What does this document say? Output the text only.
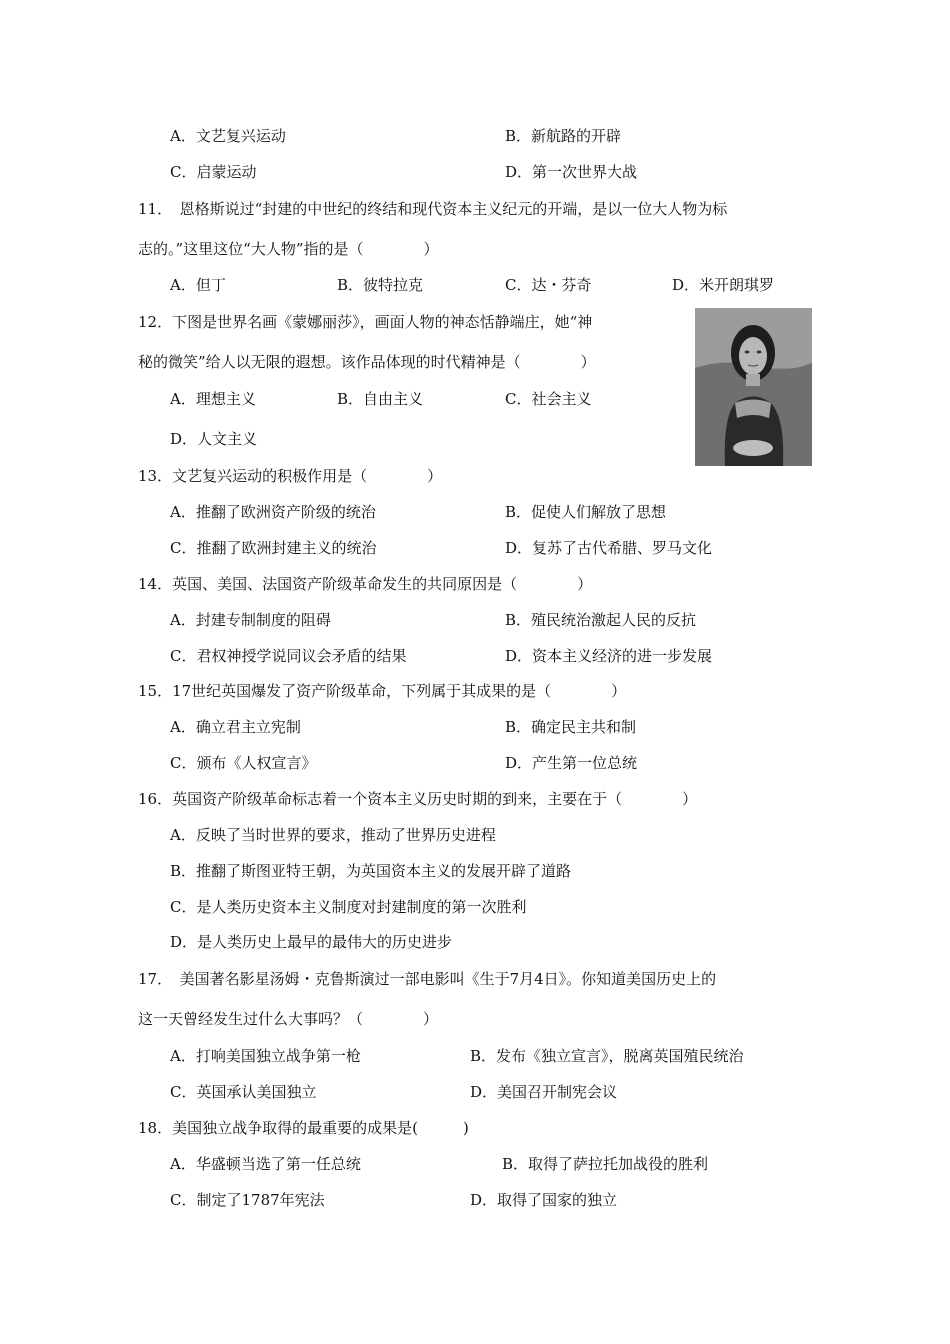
A．文艺复兴运动	B．新航路的开辟
C．启蒙运动	D．第一次世界大战
11．　恩格斯说过“封建的中世纪的终结和现代资本主义纪元的开端，是以一位大人物为标
志的。”这里这位“大人物”指的是（　　　　）
A．但丁	B．彼特拉克	C．达・芬奇	D．米开朗琪罗
12．下图是世界名画《蒙娜丽莎》，画面人物的神态恬静端庄，她“神
秘的微笑”给人以无限的遐想。该作品体现的时代精神是（　　　　）
A．理想主义	B．自由主义	C．社会主义
D．人文主义
13．文艺复兴运动的积极作用是（　　　　）
A．推翻了欧洲资产阶级的统治	B．促使人们解放了思想
C．推翻了欧洲封建主义的统治	D．复苏了古代希腊、罗马文化
14．英国、美国、法国资产阶级革命发生的共同原因是（　　　　）
A．封建专制制度的阻碍	B．殖民统治激起人民的反抗
C．君权神授学说同议会矛盾的结果	D．资本主义经济的进一步发展
15．17世纪英国爆发了资产阶级革命，下列属于其成果的是（　　　　）
A．确立君主立宪制	B．确定民主共和制
C．颁布《人权宣言》	D．产生第一位总统
16．英国资产阶级革命标志着一个资本主义历史时期的到来，主要在于（　　　　）
A．反映了当时世界的要求，推动了世界历史进程
B．推翻了斯图亚特王朝，为英国资本主义的发展开辟了道路
C．是人类历史资本主义制度对封建制度的第一次胜利
D．是人类历史上最早的最伟大的历史进步
17．　美国著名影星汤姆・克鲁斯演过一部电影叫《生于7月4日》。你知道美国历史上的
这一天曾经发生过什么大事吗？（　　　　）
A．打响美国独立战争第一枪	B．发布《独立宣言》，脱离英国殖民统治
C．英国承认美国独立	D．美国召开制宪会议
18．美国独立战争取得的最重要的成果是(　　　)
A．华盛顿当选了第一任总统	B．取得了萨拉托加战役的胜利
C．制定了1787年宪法	D．取得了国家的独立
